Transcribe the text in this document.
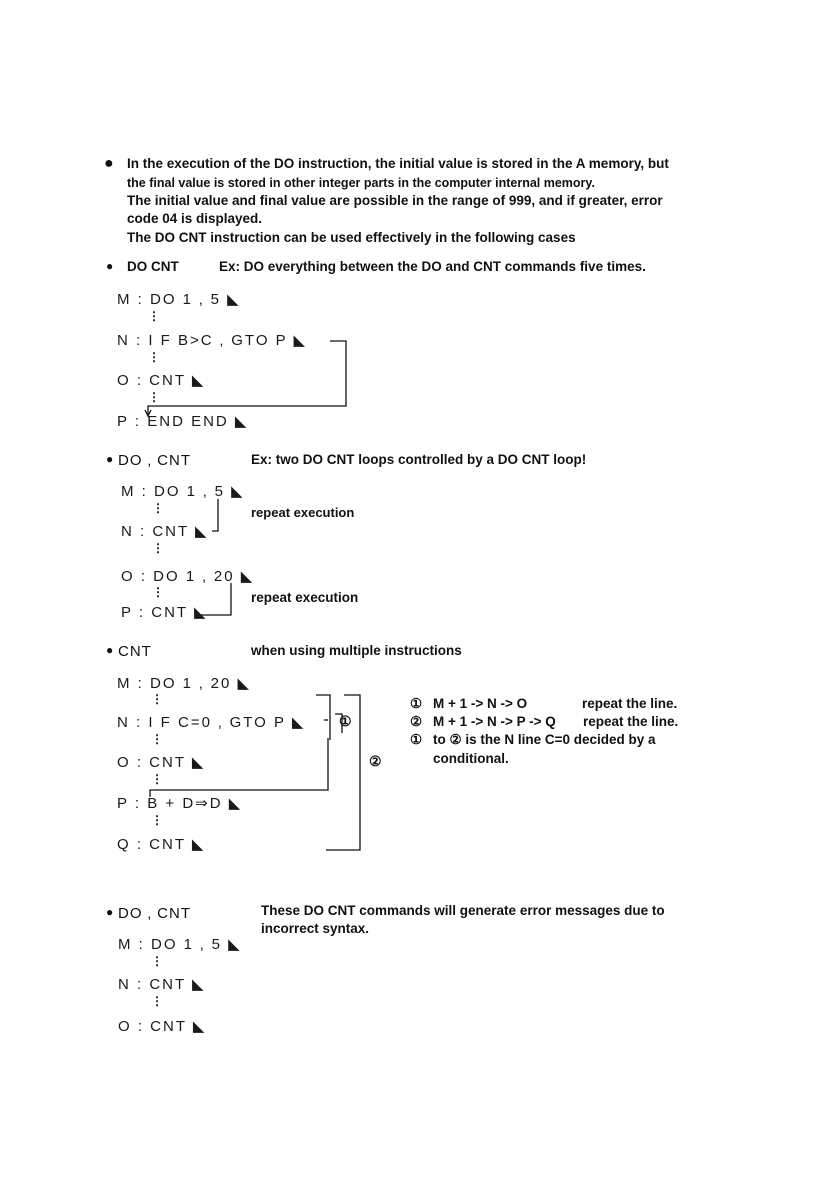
● In the execution of the DO instruction, the initial value is stored in the A memory, but
the final value is stored in other integer parts in the computer internal memory.
The initial value and final value are possible in the range of 999, and if greater, error
code 04 is displayed.
The DO CNT instruction can be used effectively in the following cases
● DO CNT	Ex: DO everything between the DO and CNT commands five times.
M : DO 1 ‚ 5 ◣
⋮
N : I F B>C ‚ GTO P ◣
⋮
O : CNT ◣
⋮
P : END END ◣
● DO ‚ CNT	Ex: two DO CNT loops controlled by a DO CNT loop!
M : DO 1 ‚ 5 ◣
⋮
N : CNT ◣
⋮
O : DO 1 ‚ 20 ◣
⋮
P : CNT ◣
repeat execution
repeat execution
● CNT	when using multiple instructions
M : DO 1 ‚ 20 ◣
⋮
N : I F C=0 ‚ GTO P ◣
⋮
O : CNT ◣
⋮
P : B + D⇒D ◣
⋮
Q : CNT ◣
①
②
① M + 1 -> N -> O	repeat the line.
② M + 1 -> N -> P -> Q repeat the line.
① to ② is the N line C=0 decided by a
conditional.
● DO ‚ CNT	These DO CNT commands will generate error messages due to
incorrect syntax.
M : DO 1 ‚ 5 ◣
⋮
N : CNT ◣
⋮
O : CNT ◣
